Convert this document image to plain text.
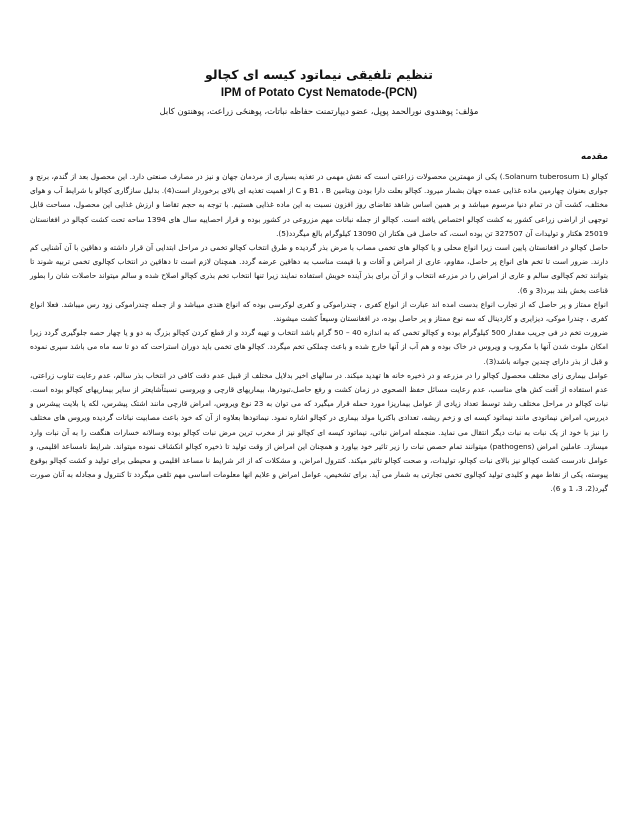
تنظیم تلفیقی نیماتود کیسه ای کچالو
IPM of Potato Cyst Nematode-(PCN)
مؤلف: پوهندوی نورالحمد پوپل، عضو دیپارتمنت حفاظه نباتات، پوهنځی زراعت، پوهنتون کابل
مقدمه

کچالو (Solanum tuberosum L.) یکی از مهمترین محصولات زراعتی است که نقش مهمی در تغذیه بسیاری از مردمان جهان و نیز در مصارف صنعتی دارد. این محصول بعد از گندم، برنج و جواری بعنوان چهارمین ماده غذایی عمده جهان بشمار میرود. کچالو بعلت دارا بودن ویتامین B1 ، B و C از اهمیت تغذیه ای بالای برخوردار است(4). بدلیل سازگاری کچالو با شرایط آب و هوای مختلف، کشت آن در تمام دنیا مرسوم میباشد و بر همین اساس شاهد تقاضای روز افزون نسبت به این ماده غذایی هستیم. با توجه به حجم تقاضا و ارزش غذایی این محصول، مساحت قابل توجهی از اراضی زراعی کشور به کشت کچالو اختصاص یافته است. کچالو از جمله نباتات مهم مزروعی در کشور بوده و قرار احصاییه سال های 1394 ساحه تحت کشت کچالو در افغانستان 25019 هکتار و تولیدات آن 327507 تن بوده است، که حاصل فی هکتار ان 13090 کیلوگرام بالغ میگردد(5).

حاصل کچالو در افغانستان پایین است زیرا انواع محلی و یا کچالو های تخمی مصاب با مرض بذر گردیده و طرق انتخاب کچالو تخمی در مراحل ابتدایی آن قرار داشته و دهاقین با آن آشنایی کم دارند. ضرور است تا تخم های انواع پر حاصل، مقاوم، عاری از امراض و آفات و با قیمت مناسب به دهاقین عرضه گردد. همچنان لازم است تا دهاقین در انتخاب کچالوی تخمی تربیه شوند تا بتوانند تخم کچالوی سالم و عاری از امراض را در مزرعه انتخاب و از آن برای بذر آینده خویش استفاده نمایند زیرا تنها انتخاب تخم بذری کچالو اصلاح شده و سالم میتواند حاصلات شان را بطور قناعت بخش بلند ببرد(3 و 6).

انواع ممتاز و پر حاصل که از تجارب انواع بدست امده اند عبارت از انواع کفری ، چندراموکی و کفری لوکرسی بوده که انواع هندی میباشد و از جمله چندراموکی زود رس میباشد. فعلا انواع کفری ، چندرا موکی، دیزایری و کاردینال که سه نوع ممتاز و پر حاصل بوده، در افغانستان وسیعاً کشت میشوند.

ضرورت تخم در فی جریب مقدار 500 کیلوگرام بوده و کچالو تخمی که به اندازه 40 – 50 گرام باشد انتخاب و تهیه گردد و از قطع کردن کچالو بزرگ به دو و یا چهار حصه جلوگیری گردد زیرا امکان ملوث شدن آنها با مکروب و ویروس در خاک بوده و هم آب از آنها خارج شده و باعث چملکی تخم میگردد. کچالو های تخمی باید دوران استراحت که دو تا سه ماه می باشد سپری نموده و قبل از بذر دارای چندین جوانه باشد(3).

عوامل بیماری زای مختلف محصول کچالو را در مزرعه و در ذخیره خانه ها تهدید میکند. در سالهای اخیر بدلایل مختلف از قبیل عدم دقت کافی در انتخاب بذر سالم، عدم رعایت تناوب زراعتی، عدم استفاده از آفت کش های مناسب، عدم رعایت مسائل حفظ الصحوی در زمان کشت و رفع حاصل،تبودرها، بیماریهای قارچی و ویروسی نسبتاًشایعتر از سایر بیماریهای کچالو بوده است. نبات کچالو در مراحل مختلف رشد توسط تعداد زیادی از عوامل بیماریزا مورد حمله قرار میگیرد که می توان به 23 نوع ویروس، امراض قارچی مانند اشتک پیشرس، لکه یا بلایت پیشرس و دیررس، امراض نیماتودی مانند نیماتود کیسه ای و زخم ریشه، تعدادی باکتریا مولد بیماری در کچالو اشاره نمود. نیماتودها بعلاوه از آن که خود باعث مصابیت نباتات گردیده ویروس های مختلف را نیز با خود از یک نبات به نبات دیگر انتقال می نماید. منجمله امراض نباتی، نیماتود کیسه ای کچالو نیز از مخرب ترین مرض نبات کچالو بوده وسالانه خسارات هنگفت را به آن نبات وارد میسازد. عاملین امراض (pathogens) میتوانند تمام حصص نبات را زیر تاثیر خود بیاورد و همچنان این امراض از وقت تولید تا ذخیره کچالو انکشاف نموده میتواند. شرایط نامساعد اقلیمی، و عوامل نادرست کشت کچالو نیز بالای نبات کچالو، تولیدات، و صحت کچالو تاثیر میکند. کنترول امراض، و مشکلات که از اثر شرایط نا مساعد اقلیمی و محیطی برای تولید و کشت کچالو بوقوع پیوسته، یکی از نقاط مهم و کلیدی تولید کچالوی تخمی تجارتی به شمار می آید. برای تشخیص، عوامل امراض و علایم انها معلومات اساسی مهم تلقی میگردد تا کنترول و مجادله به آنان صورت گیرد(2، 3، 1 و 6).
